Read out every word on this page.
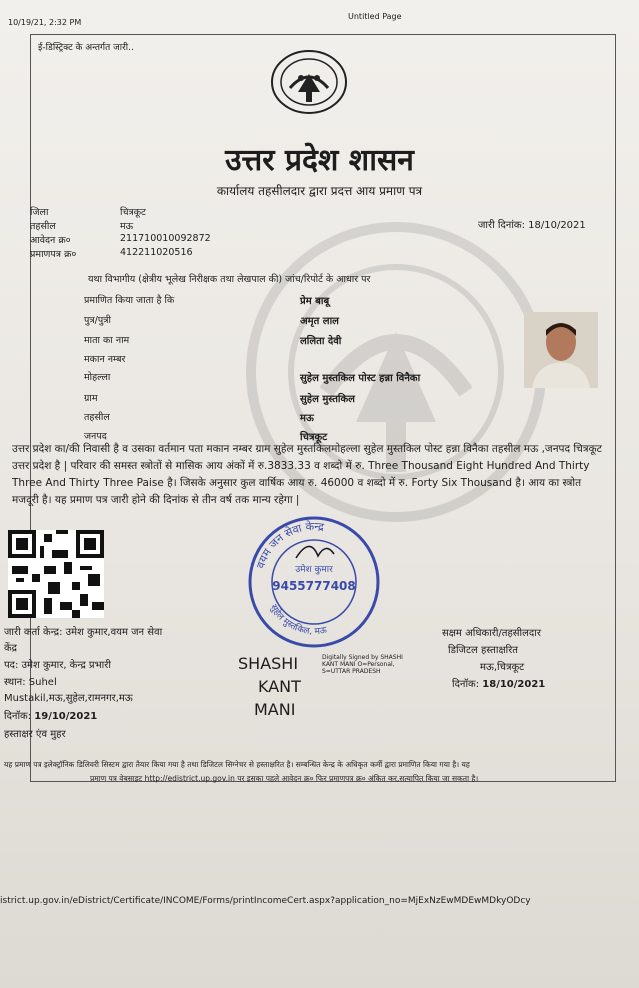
10/19/21, 2:32 PM
Untitled Page
ई-डिस्ट्रिक्ट के अन्तर्गत जारी..
उत्तर प्रदेश शासन
कार्यालय तहसीलदार द्वारा प्रदत्त आय प्रमाण पत्र
जिला	चित्रकूट
तहसील	मऊ
आवेदन क्र०	211710010092872
प्रमाणपत्र क्र०	412211020516
जारी दिनांक: 18/10/2021
यथा विभागीय (क्षेत्रीय भूलेख निरीक्षक तथा लेखपाल की) जांच/रिपोर्ट के आधार पर
प्रमाणित किया जाता है कि	प्रेम बाबू
पुत्र/पुत्री	अमृत लाल
माता का नाम	ललिता देवी
मकान नम्बर
मोहल्ला	सुहेल मुस्तकिल पोस्ट हन्ना विनैका
ग्राम	सुहेल मुस्तकिल
तहसील	मऊ
जनपद	चित्रकूट
उत्तर प्रदेश का/की निवासी है व उसका वर्तमान पता मकान नम्बर ग्राम सुहेल मुस्तकिलमोहल्ला सुहेल मुस्तकिल पोस्ट हन्ना विनैका तहसील मऊ ,जनपद चित्रकूट उत्तर प्रदेश है | परिवार की समस्त स्त्रोतों से मासिक आय अंकों में रु.3833.33 व शब्दो में रु. Three Thousand Eight Hundred And Thirty Three And Thirty Three Paise है। जिसके अनुसार कुल वार्षिक आय रु. 46000 व शब्दो में रु. Forty Six Thousand है। आय का स्त्रोत मजदूरी है। यह प्रमाण पत्र जारी होने की दिनांक से तीन वर्ष तक मान्य रहेगा |
वयम जन सेवा केन्द्र
सुहेल मुस्तकिल, मऊ
उमेश कुमार
9455777408
जारी कर्ता केन्द्र: उमेश कुमार,वयम जन सेवा
केंद्र
पद: उमेश कुमार, केन्द्र प्रभारी
स्थान: Suhel
Mustakil,मऊ,सुहेल,रामनगर,मऊ
दिनॉक: 19/10/2021
हस्ताक्षर एंव मुहर
SHASHI
KANT
MANI
Digitally Signed by SHASHI
KANT MANI O=Personal,
S=UTTAR PRADESH
सक्षम अधिकारी/तहसीलदार
डिजिटल हस्ताक्षरित
मऊ,चित्रकूट
दिनॉक: 18/10/2021
यह प्रमाण पत्र इलेक्ट्रॉनिक डिलिवरी सिस्टम द्वारा तैयार किया गया है तथा डिजिटल सिग्नेचर से हस्ताक्षरित है। सम्बन्धित केन्द्र के अधिकृत कर्मी द्वारा प्रमाणित किया गया है। यह
प्रमाण पत्र वेबसाइट http://edistrict.up.gov.in पर इसका पहले आवेदन क्र० फिर प्रमाणपत्र क्र० अंकित कर,सत्यापित किया जा सकता है।
istrict.up.gov.in/eDistrict/Certificate/INCOME/Forms/printIncomeCert.aspx?application_no=MjExNzEwMDEwMDkyODcy
